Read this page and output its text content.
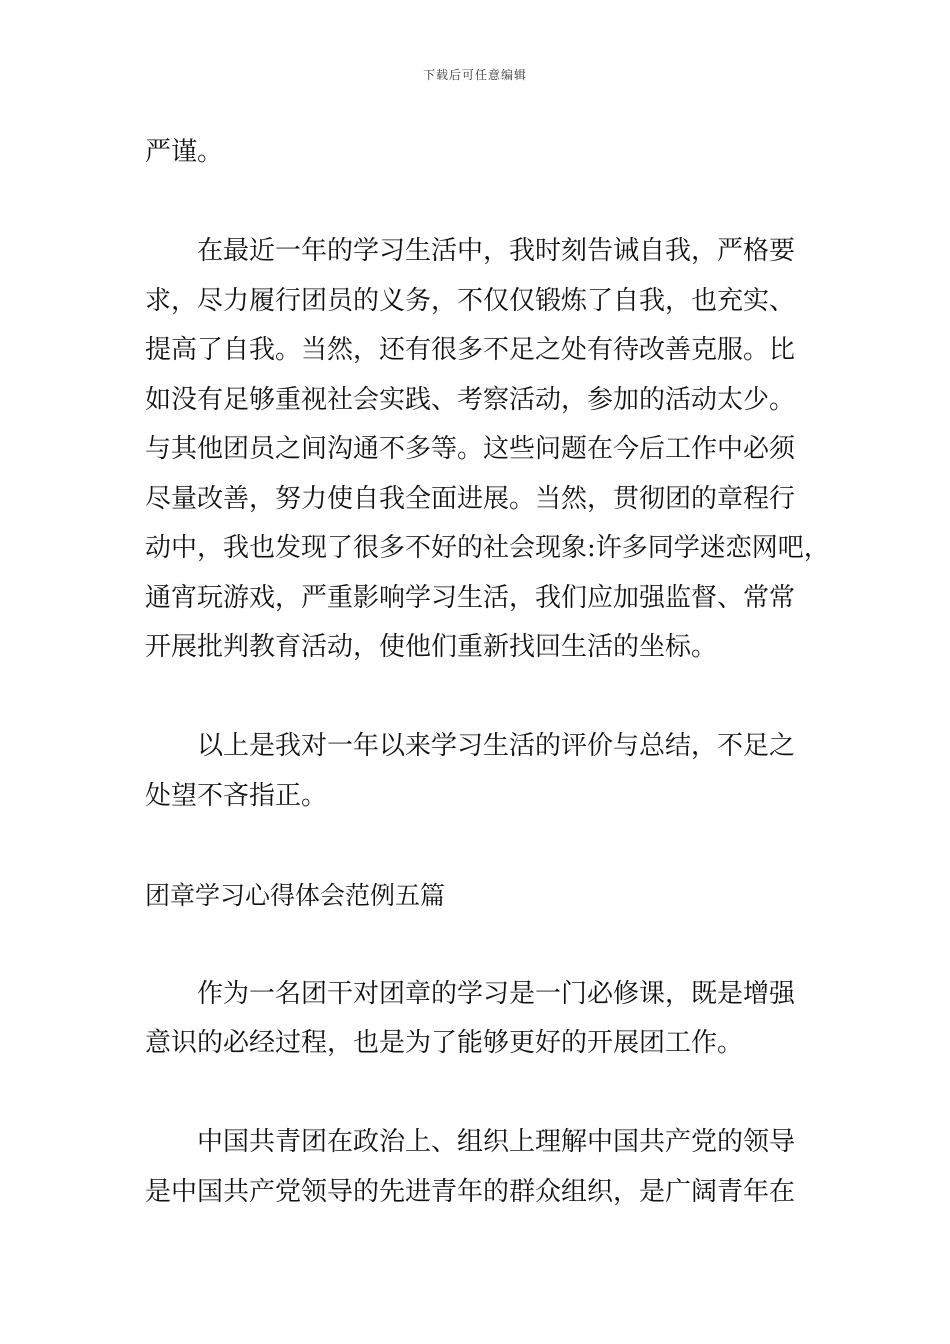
下载后可任意编辑
严谨。
在最近一年的学习生活中，我时刻告诫自我，严格要
求，尽力履行团员的义务，不仅仅锻炼了自我，也充实、
提高了自我。当然，还有很多不足之处有待改善克服。比
如没有足够重视社会实践、考察活动，参加的活动太少。
与其他团员之间沟通不多等。这些问题在今后工作中必须
尽量改善，努力使自我全面进展。当然，贯彻团的章程行
动中，我也发现了很多不好的社会现象:许多同学迷恋网吧，
通宵玩游戏，严重影响学习生活，我们应加强监督、常常
开展批判教育活动，使他们重新找回生活的坐标。
以上是我对一年以来学习生活的评价与总结，不足之
处望不吝指正。
团章学习心得体会范例五篇
作为一名团干对团章的学习是一门必修课，既是增强
意识的必经过程，也是为了能够更好的开展团工作。
中国共青团在政治上、组织上理解中国共产党的领导
是中国共产党领导的先进青年的群众组织，是广阔青年在
